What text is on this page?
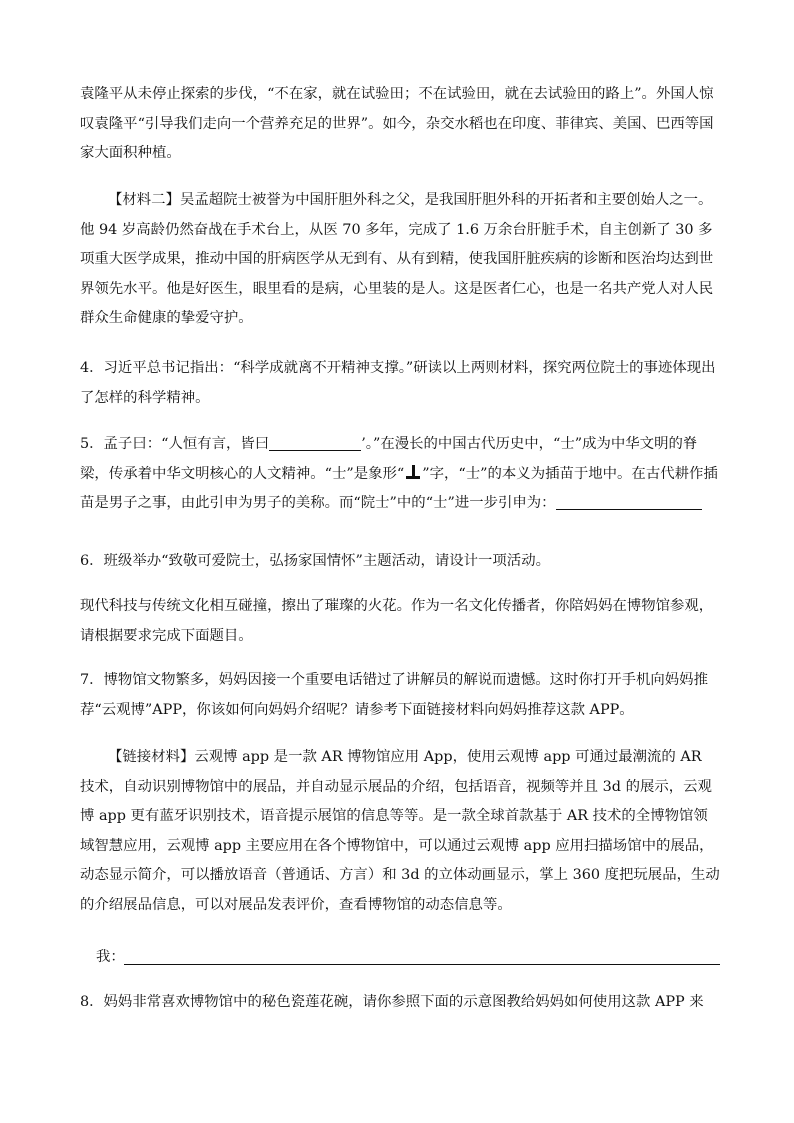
袁隆平从未停止探索的步伐，“不在家，就在试验田；不在试验田，就在去试验田的路上”。外国人惊叹袁隆平“引导我们走向一个营养充足的世界”。如今，杂交水稻也在印度、菲律宾、美国、巴西等国家大面积种植。

【材料二】吴孟超院士被誉为中国肝胆外科之父，是我国肝胆外科的开拓者和主要创始人之一。他 94 岁高龄仍然奋战在手术台上，从医 70 多年，完成了 1.6 万余台肝脏手术，自主创新了 30 多项重大医学成果，推动中国的肝病医学从无到有、从有到精，使我国肝脏疾病的诊断和医治均达到世界领先水平。他是好医生，眼里看的是病，心里装的是人。这是医者仁心，也是一名共产党人对人民群众生命健康的挚爱守护。

4．习近平总书记指出：“科学成就离不开精神支撑。”研读以上两则材料，探究两位院士的事迹体现出了怎样的科学精神。

5．孟子曰：“人恒有言，皆曰	’。”在漫长的中国古代历史中，“士”成为中华文明的脊梁，传承着中华文明核心的人文精神。“士”是象形“ ”字，“士”的本义为插苗于地中。在古代耕作插苗是男子之事，由此引申为男子的美称。而“院士”中的“士”进一步引申为：

6．班级举办“致敬可爱院士，弘扬家国情怀”主题活动，请设计一项活动。

现代科技与传统文化相互碰撞，擦出了璀璨的火花。作为一名文化传播者，你陪妈妈在博物馆参观，请根据要求完成下面题目。

7．博物馆文物繁多，妈妈因接一个重要电话错过了讲解员的解说而遗憾。这时你打开手机向妈妈推荐“云观博”APP，你该如何向妈妈介绍呢？请参考下面链接材料向妈妈推荐这款 APP。

【链接材料】云观博 app 是一款 AR 博物馆应用 App，使用云观博 app 可通过最潮流的 AR 技术，自动识别博物馆中的展品，并自动显示展品的介绍，包括语音，视频等并且 3d 的展示，云观博 app 更有蓝牙识别技术，语音提示展馆的信息等等。是一款全球首款基于 AR 技术的全博物馆领域智慧应用，云观博 app 主要应用在各个博物馆中，可以通过云观博 app 应用扫描场馆中的展品，动态显示简介，可以播放语音（普通话、方言）和 3d 的立体动画显示，掌上 360 度把玩展品，生动的介绍展品信息，可以对展品发表评价，查看博物馆的动态信息等。

我：

8．妈妈非常喜欢博物馆中的秘色瓷莲花碗，请你参照下面的示意图教给妈妈如何使用这款 APP 来
